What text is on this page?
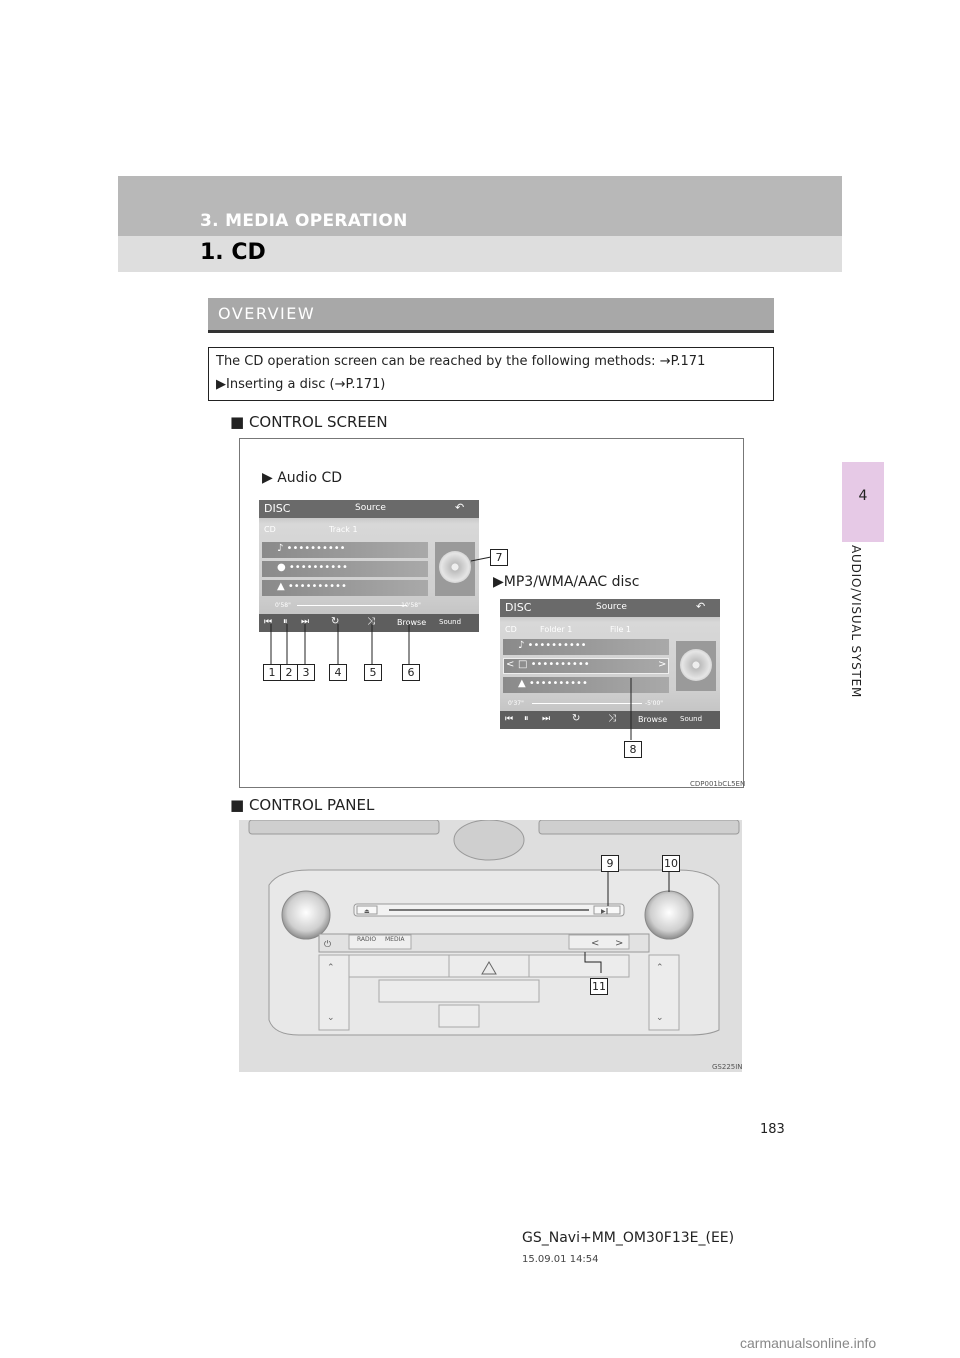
3. MEDIA OPERATION
1. CD
4
AUDIO/VISUAL SYSTEM
OVERVIEW
The CD operation screen can be reached by the following methods: →P.171
▶Inserting a disc (→P.171)
■ CONTROL SCREEN
▶ Audio CD
DISC	Source	↶
CD	Track 1
♪ ••••••••••
● ••••••••••
▲ ••••••••••
0'58"	-10'58"
⏮ ⏸ ⏭ ↻	⤨	Browse Sound
▶MP3/WMA/AAC disc
DISC	Source	↶
CD	Folder 1	File 1
♪ ••••••••••
< □ ••••••••••	>
▲ ••••••••••
0'37"	-5'00"
⏮ ⏸ ⏭ ↻	⤨	Browse Sound
1 2 3	4	5	6
7
8
CDP001bCL5EN
■ CONTROL PANEL
⏏	▶‖
< >
⏻
⌃
⌄
⌃
⌄
RADIO MEDIA
9	10
11
GS225IN
183
GS_Navi+MM_OM30F13E_(EE)
15.09.01 14:54
carmanualsonline.info
